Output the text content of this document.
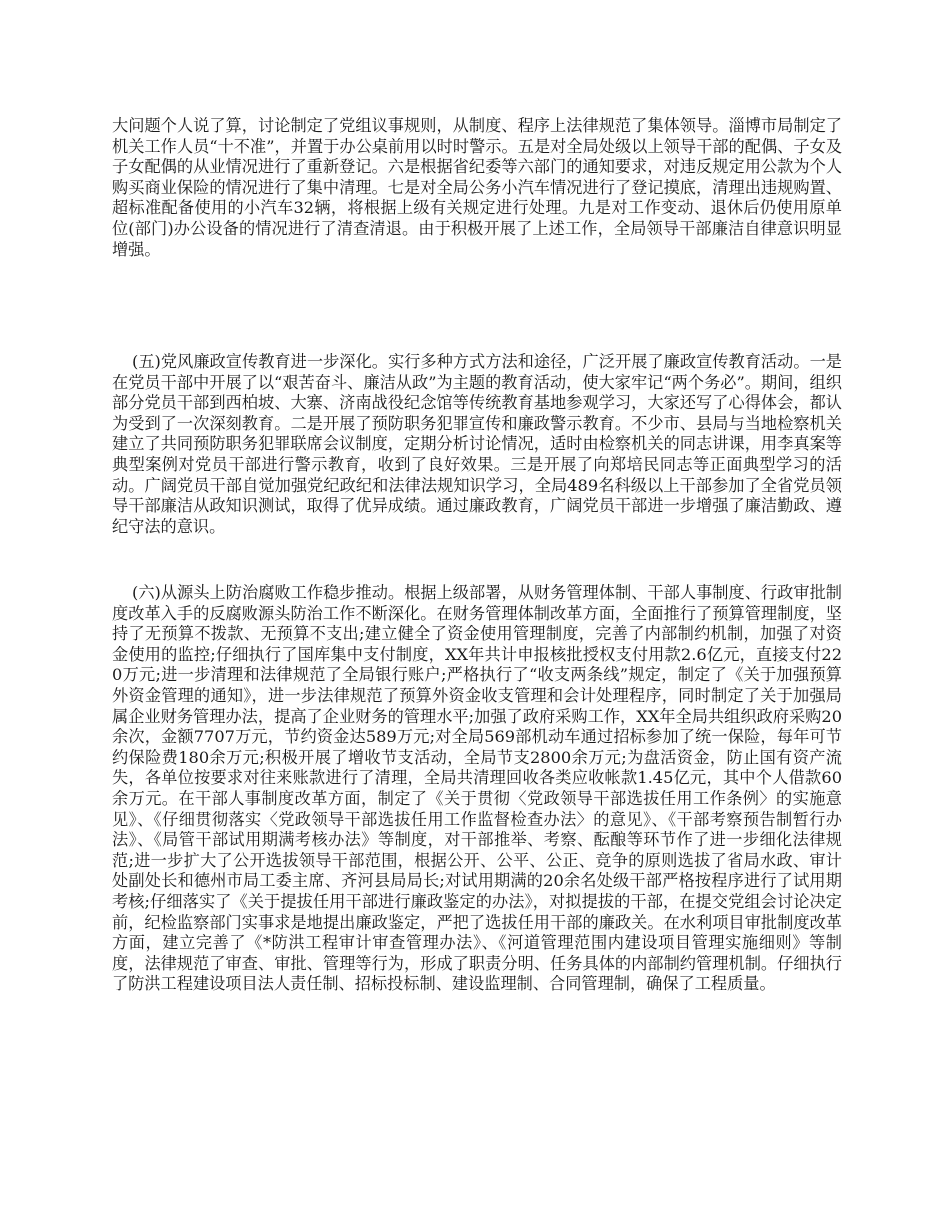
大问题个人说了算，讨论制定了党组议事规则，从制度、程序上法律规范了集体领导。淄博市局制定了机关工作人员“十不准”，并置于办公桌前用以时时警示。五是对全局处级以上领导干部的配偶、子女及子女配偶的从业情况进行了重新登记。六是根据省纪委等六部门的通知要求，对违反规定用公款为个人购买商业保险的情况进行了集中清理。七是对全局公务小汽车情况进行了登记摸底，清理出违规购置、超标准配备使用的小汽车32辆，将根据上级有关规定进行处理。九是对工作变动、退休后仍使用原单位(部门)办公设备的情况进行了清查清退。由于积极开展了上述工作，全局领导干部廉洁自律意识明显增强。

(五)党风廉政宣传教育进一步深化。实行多种方式方法和途径，广泛开展了廉政宣传教育活动。一是在党员干部中开展了以“艰苦奋斗、廉洁从政”为主题的教育活动，使大家牢记“两个务必”。期间，组织部分党员干部到西柏坡、大寨、济南战役纪念馆等传统教育基地参观学习，大家还写了心得体会，都认为受到了一次深刻教育。二是开展了预防职务犯罪宣传和廉政警示教育。不少市、县局与当地检察机关建立了共同预防职务犯罪联席会议制度，定期分析讨论情况，适时由检察机关的同志讲课，用李真案等典型案例对党员干部进行警示教育，收到了良好效果。三是开展了向郑培民同志等正面典型学习的活动。广阔党员干部自觉加强党纪政纪和法律法规知识学习，全局489名科级以上干部参加了全省党员领导干部廉洁从政知识测试，取得了优异成绩。通过廉政教育，广阔党员干部进一步增强了廉洁勤政、遵纪守法的意识。

(六)从源头上防治腐败工作稳步推动。根据上级部署，从财务管理体制、干部人事制度、行政审批制度改革入手的反腐败源头防治工作不断深化。在财务管理体制改革方面，全面推行了预算管理制度，坚持了无预算不拨款、无预算不支出;建立健全了资金使用管理制度，完善了内部制约机制，加强了对资金使用的监控;仔细执行了国库集中支付制度，XX年共计申报核批授权支付用款2.6亿元，直接支付220万元;进一步清理和法律规范了全局银行账户;严格执行了“收支两条线”规定，制定了《关于加强预算外资金管理的通知》，进一步法律规范了预算外资金收支管理和会计处理程序，同时制定了关于加强局属企业财务管理办法，提高了企业财务的管理水平;加强了政府采购工作，XX年全局共组织政府采购20余次，金额7707万元，节约资金达589万元;对全局569部机动车通过招标参加了统一保险，每年可节约保险费180余万元;积极开展了增收节支活动，全局节支2800余万元;为盘活资金，防止国有资产流失，各单位按要求对往来账款进行了清理，全局共清理回收各类应收帐款1.45亿元，其中个人借款60余万元。在干部人事制度改革方面，制定了《关于贯彻〈党政领导干部选拔任用工作条例〉的实施意见》、《仔细贯彻落实〈党政领导干部选拔任用工作监督检查办法〉的意见》、《干部考察预告制暂行办法》、《局管干部试用期满考核办法》等制度，对干部推举、考察、酝酿等环节作了进一步细化法律规范;进一步扩大了公开选拔领导干部范围，根据公开、公平、公正、竞争的原则选拔了省局水政、审计处副处长和德州市局工委主席、齐河县局局长;对试用期满的20余名处级干部严格按程序进行了试用期考核;仔细落实了《关于提拔任用干部进行廉政鉴定的办法》，对拟提拔的干部，在提交党组会讨论决定前，纪检监察部门实事求是地提出廉政鉴定，严把了选拔任用干部的廉政关。在水利项目审批制度改革方面，建立完善了《*防洪工程审计审查管理办法》、《河道管理范围内建设项目管理实施细则》等制度，法律规范了审查、审批、管理等行为，形成了职责分明、任务具体的内部制约管理机制。仔细执行了防洪工程建设项目法人责任制、招标投标制、建设监理制、合同管理制，确保了工程质量。
